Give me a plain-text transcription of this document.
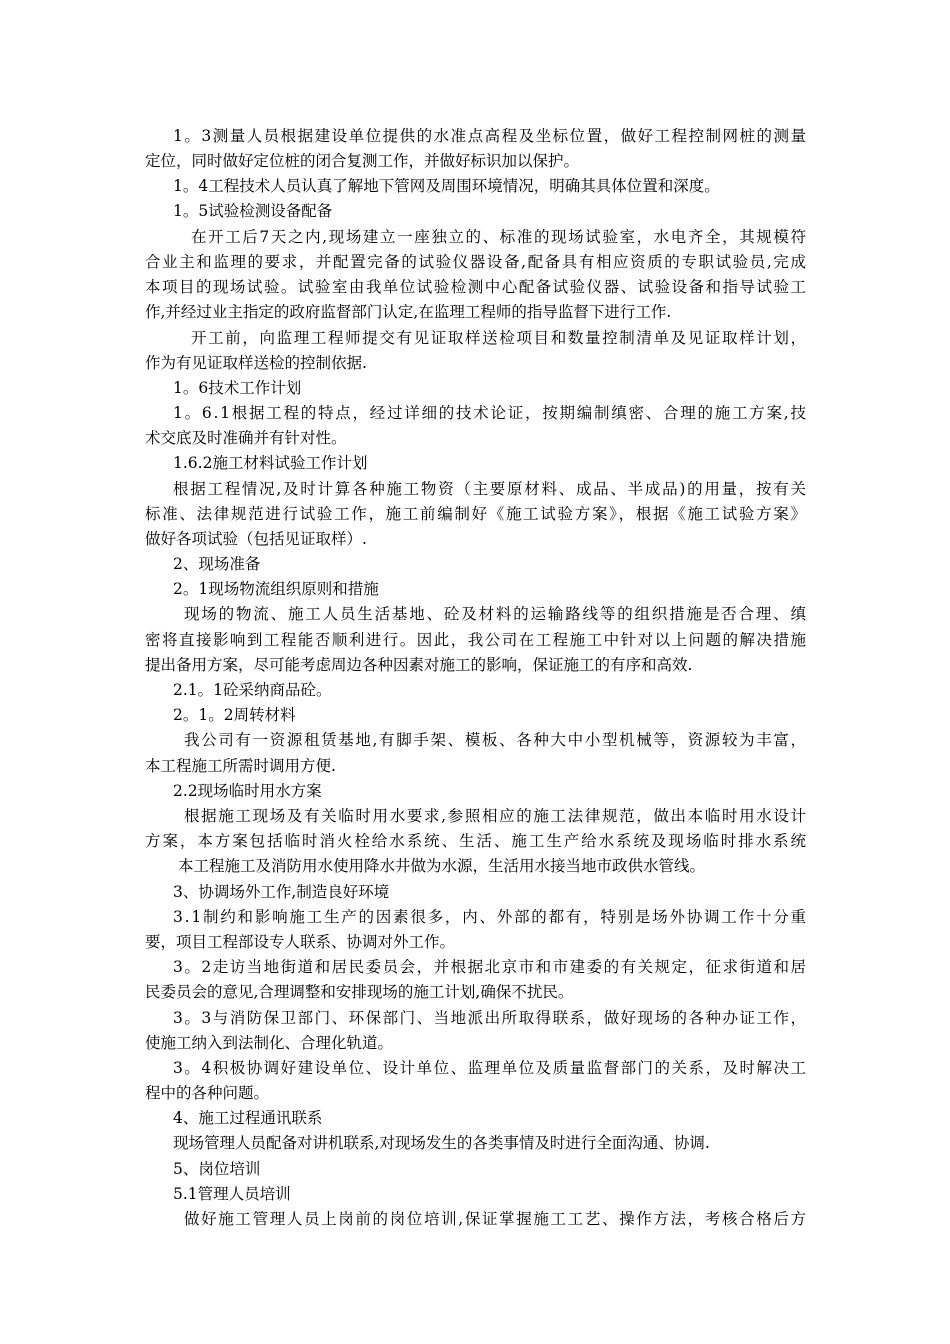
1。3测量人员根据建设单位提供的水准点高程及坐标位置，做好工程控制网桩的测量
定位，同时做好定位桩的闭合复测工作，并做好标识加以保护。
1。4工程技术人员认真了解地下管网及周围环境情况，明确其具体位置和深度。
1。5试验检测设备配备
在开工后7天之内,现场建立一座独立的、标准的现场试验室，水电齐全，其规模符
合业主和监理的要求，并配置完备的试验仪器设备,配备具有相应资质的专职试验员,完成
本项目的现场试验。试验室由我单位试验检测中心配备试验仪器、试验设备和指导试验工
作,并经过业主指定的政府监督部门认定,在监理工程师的指导监督下进行工作.
开工前，向监理工程师提交有见证取样送检项目和数量控制清单及见证取样计划，
作为有见证取样送检的控制依据.
1。6技术工作计划
1。6.1根据工程的特点，经过详细的技术论证，按期编制缜密、合理的施工方案,技
术交底及时准确并有针对性。
1.6.2施工材料试验工作计划
根据工程情况,及时计算各种施工物资（主要原材料、成品、半成品)的用量，按有关
标准、法律规范进行试验工作，施工前编制好《施工试验方案》，根据《施工试验方案》
做好各项试验（包括见证取样）.
2、现场准备
2。1现场物流组织原则和措施
现场的物流、施工人员生活基地、砼及材料的运输路线等的组织措施是否合理、缜
密将直接影响到工程能否顺利进行。因此，我公司在工程施工中针对以上问题的解决措施
提出备用方案，尽可能考虑周边各种因素对施工的影响，保证施工的有序和高效.
2.1。1砼采纳商品砼。
2。1。2周转材料
我公司有一资源租赁基地,有脚手架、模板、各种大中小型机械等，资源较为丰富，
本工程施工所需时调用方便.
2.2现场临时用水方案
根据施工现场及有关临时用水要求,参照相应的施工法律规范，做出本临时用水设计
方案，本方案包括临时消火栓给水系统、生活、施工生产给水系统及现场临时排水系统
本工程施工及消防用水使用降水井做为水源，生活用水接当地市政供水管线。
3、协调场外工作,制造良好环境
3.1制约和影响施工生产的因素很多，内、外部的都有，特别是场外协调工作十分重
要，项目工程部设专人联系、协调对外工作。
3。2走访当地街道和居民委员会，并根据北京市和市建委的有关规定，征求街道和居
民委员会的意见,合理调整和安排现场的施工计划,确保不扰民。
3。3与消防保卫部门、环保部门、当地派出所取得联系，做好现场的各种办证工作，
使施工纳入到法制化、合理化轨道。
3。4积极协调好建设单位、设计单位、监理单位及质量监督部门的关系，及时解决工
程中的各种问题。
4、施工过程通讯联系
现场管理人员配备对讲机联系,对现场发生的各类事情及时进行全面沟通、协调.
5、岗位培训
5.1管理人员培训
做好施工管理人员上岗前的岗位培训,保证掌握施工工艺、操作方法，考核合格后方
